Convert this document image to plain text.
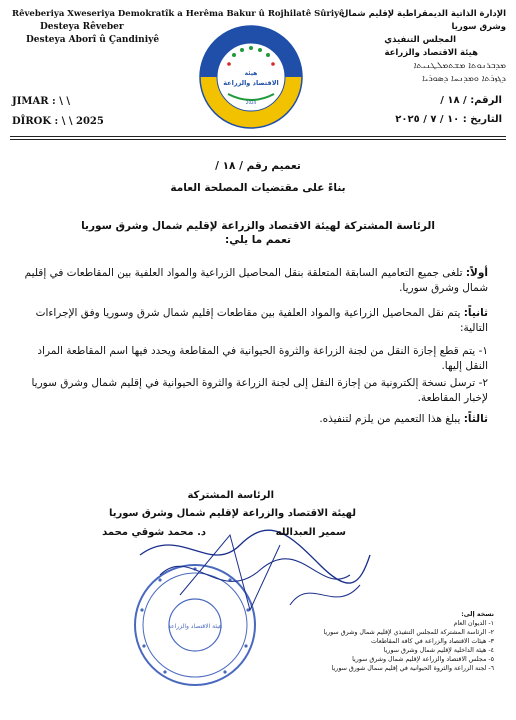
Rêveberiya Xweseriya Demokratîk a Herêma Bakur û Rojhilatê Sûriyê
Desteya Rêveber
Desteya Aborî û Çandiniyê
الإدارة الذاتية الديمقراطية لإقليم شمال وشرق سوريا
المجلس التنفيذي
هيئة الاقتصاد والزراعة
ܡܕܒܪܢܘܬܐ ܡܫܬܡܠܛܢܝܬܐ
ܕܓܙܪܬܐ ܘܡܕܢܚܐ ܕܣܘܪܝܐ
هيئة
الاقتصاد والزراعة
2024
JIMAR : \ \
DÎROK : \ \ 2025
الرقم: / ١٨ /
التاريخ : ١٠ / ٧ / ٢٠٢٥
تعميم رقم / ١٨ /
بناءً على مقتضيات المصلحة العامة
الرئاسة المشتركة لهيئة الاقتصاد والزراعة لإقليم شمال وشرق سوريا
تعمم ما يلي:
أولاً: تلغى جميع التعاميم السابقة المتعلقة بنقل المحاصيل الزراعية والمواد العلفية بين المقاطعات في إقليم شمال وشرق سوريا.
ثانياً: يتم نقل المحاصيل الزراعية والمواد العلفية بين مقاطعات إقليم شمال شرق وسوريا وفق الإجراءات التالية:
١- يتم قطع إجازة النقل من لجنة الزراعة والثروة الحيوانية في المقاطعة ويحدد فيها اسم المقاطعة المراد النقل إليها.
٢- ترسل نسخة إلكترونية من إجازة النقل إلى لجنة الزراعة والثروة الحيوانية في إقليم شمال وشرق سوريا لإخبار المقاطعة.
ثالثاً: يبلغ هذا التعميم من يلزم لتنفيذه.
هيئة الاقتصاد والزراعة
الرئاسة المشتركة
لهيئة الاقتصاد والزراعة لإقليم شمال وشرق سوريا
سمير العبدالله
د. محمد شوقي محمد
نسخة إلى:
١- الديوان العام
٢- الرئاسة المشتركة للمجلس التنفيذي لإقليم شمال وشرق سوريا
٣- هيئات الاقتصاد والزراعة في كافة المقاطعات
٤- هيئة الداخلية لإقليم شمال وشرق سوريا
٥- مجلس الاقتصاد والزراعة لإقليم شمال وشرق سوريا
٦- لجنة الزراعة والثروة الحيوانية في إقليم سمال شورق سوريا
